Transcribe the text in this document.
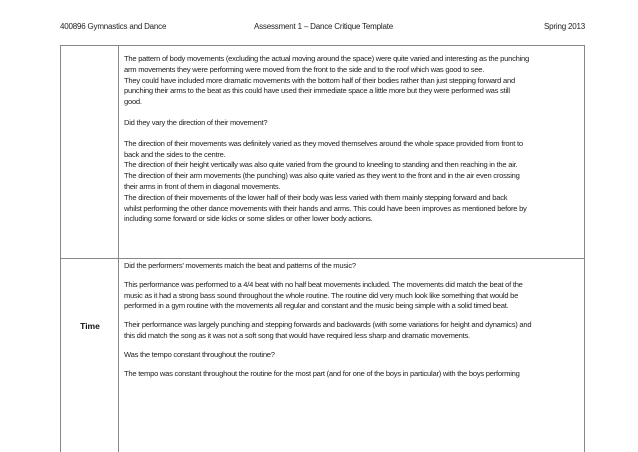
400896 Gymnastics and Dance	Assessment 1 – Dance Critique Template	Spring 2013

The pattern of body movements (excluding the actual moving around the space) were quite varied and interesting as the punching

arm movements they were performing were moved from the front to the side and to the roof which was good to see.

They could have included more dramatic movements with the bottom half of their bodies rather than just stepping forward and

punching their arms to the beat as this could have used their immediate space a little more but they were performed was still

good.

Did they vary the direction of their movement?

The direction of their movements was definitely varied as they moved themselves around the whole space provided from front to

back and the sides to the centre.

The direction of their height vertically was also quite varied from the ground to kneeling to standing and then reaching in the air.

The direction of their arm movements (the punching) was also quite varied as they went to the front and in the air even crossing

their arms in front of them in diagonal movements.

The direction of their movements of the lower half of their body was less varied with them mainly stepping forward and back

whilst performing the other dance movements with their hands and arms. This could have been improves as mentioned before by

including some forward or side kicks or some slides or other lower body actions.

Time

Did the performers’ movements match the beat and patterns of the music?

This performance was performed to a 4/4 beat with no half beat movements included. The movements did match the beat of the

music as it had a strong bass sound throughout the whole routine. The routine did very much look like something that would be

performed in a gym routine with the movements all regular and constant and the music being simple with a solid timed beat.

Their performance was largely punching and stepping forwards and backwards (with some variations for height and dynamics) and

this did match the song as it was not a soft song that would have required less sharp and dramatic movements.

Was the tempo constant throughout the routine?

The tempo was constant throughout the routine for the most part (and for one of the boys in particular) with the boys performing
